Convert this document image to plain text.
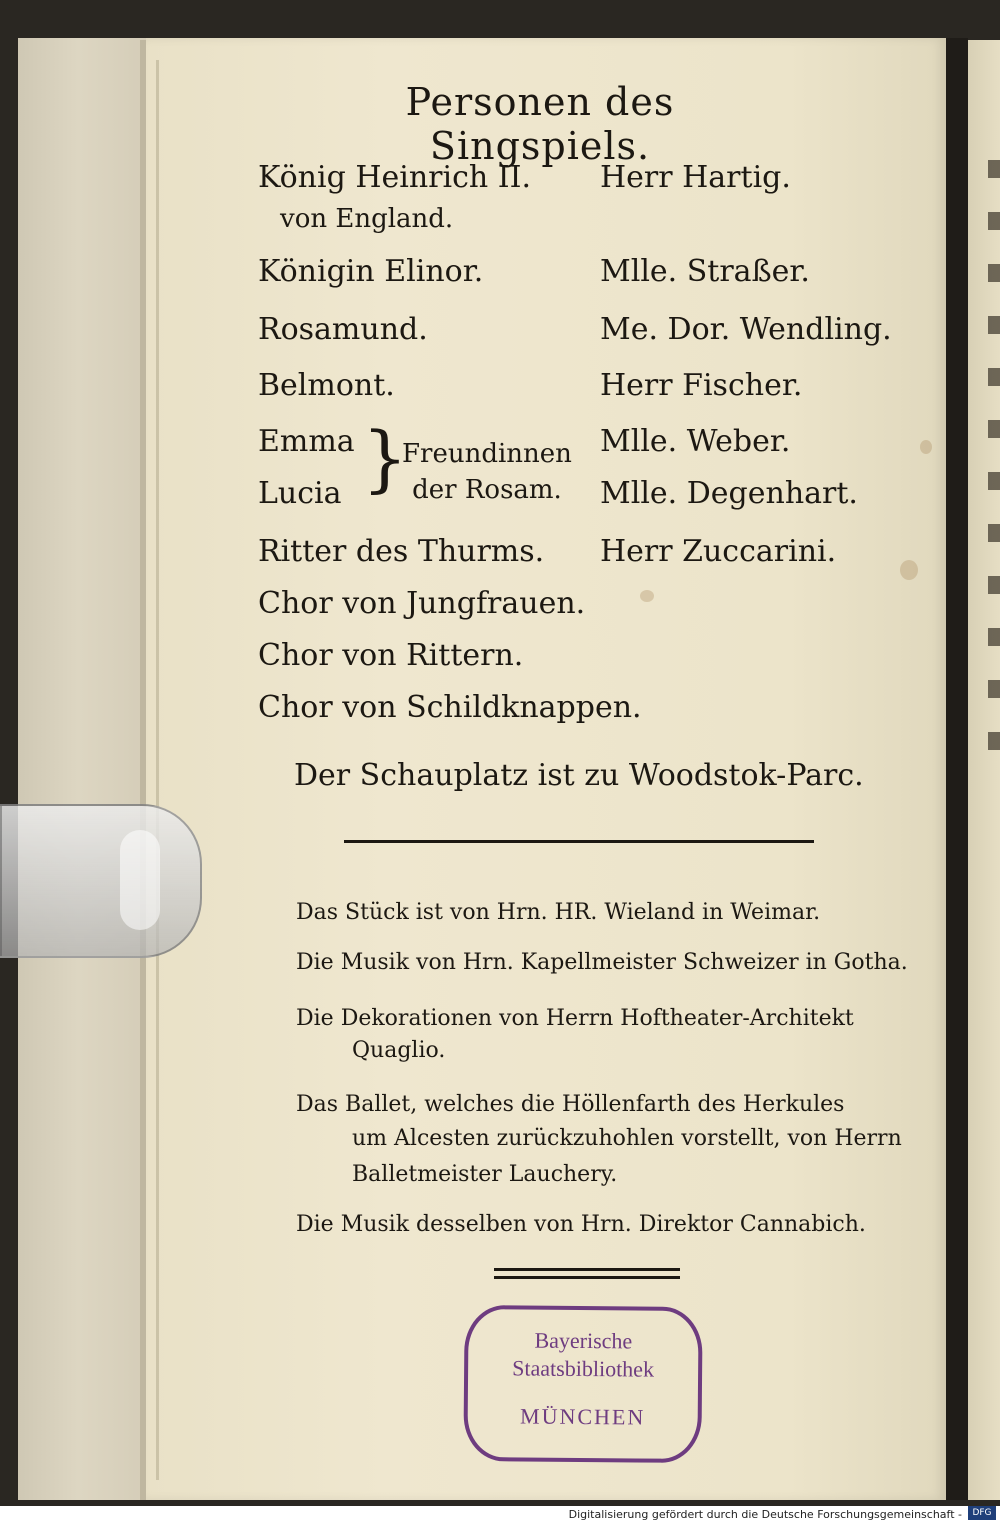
Personen des Singspiels.
König Heinrich II. Herr Hartig.
von England.
Königin Elinor.	Mlle. Straßer.
Rosamund.	Me. Dor. Wendling.
Belmont.	Herr Fischer.
Emma	Mlle. Weber.
Lucia	Mlle. Degenhart.
}
Freundinnen
der Rosam.
Ritter des Thurms. Herr Zuccarini.
Chor von Jungfrauen.
Chor von Rittern.
Chor von Schildknappen.
Der Schauplatz ist zu Woodstok-Parc.
Das Stück ist von Hrn. HR. Wieland in Weimar.
Die Musik von Hrn. Kapellmeister Schweizer in Gotha.
Die Dekorationen von Herrn Hoftheater-Architekt
Quaglio.
Das Ballet, welches die Höllenfarth des Herkules
um Alcesten zurückzuhohlen vorstellt, von Herrn
Balletmeister Lauchery.
Die Musik desselben von Hrn. Direktor Cannabich.
Bayerische
Staatsbibliothek
MÜNCHEN
Digitalisierung gefördert durch die Deutsche Forschungsgemeinschaft -	DFG
